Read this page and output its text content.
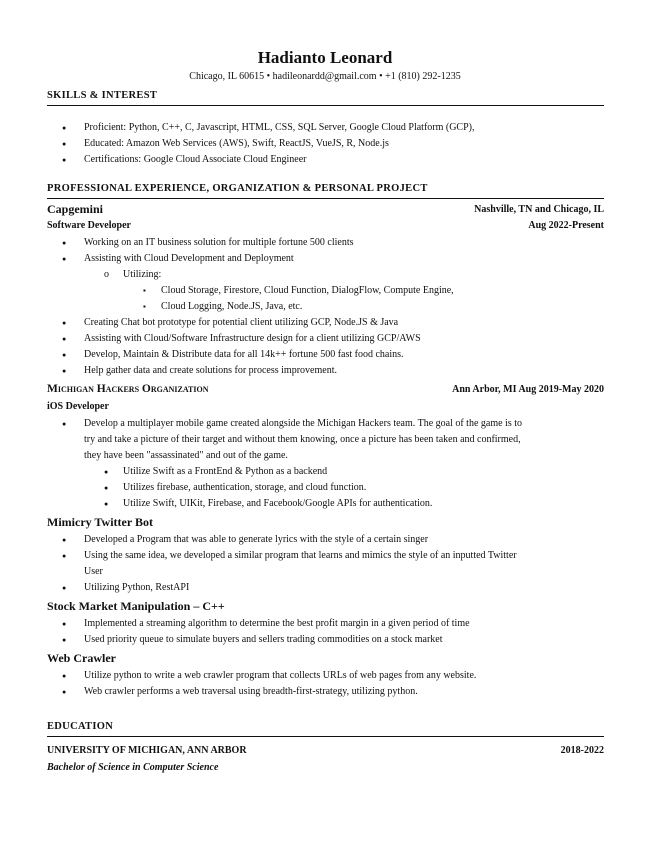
Hadianto Leonard
Chicago, IL 60615 • hadileonardd@gmail.com • +1 (810) 292-1235
SKILLS & INTEREST
● Proficient: Python, C++, C, Javascript, HTML, CSS, SQL Server, Google Cloud Platform (GCP),
● Educated: Amazon Web Services (AWS), Swift, ReactJS, VueJS, R, Node.js
● Certifications: Google Cloud Associate Cloud Engineer
PROFESSIONAL EXPERIENCE, ORGANIZATION & PERSONAL PROJECT
Capgemini	Nashville, TN and Chicago, IL
Software Developer	Aug 2022-Present
● Working on an IT business solution for multiple fortune 500 clients
● Assisting with Cloud Development and Deployment
o Utilizing:
▪ Cloud Storage, Firestore, Cloud Function, DialogFlow, Compute Engine,
▪ Cloud Logging, Node.JS, Java, etc.
● Creating Chat bot prototype for potential client utilizing GCP, Node.JS & Java
● Assisting with Cloud/Software Infrastructure design for a client utilizing GCP/AWS
● Develop, Maintain & Distribute data for all 14k++ fortune 500 fast food chains.
● Help gather data and create solutions for process improvement.
Michigan Hackers Organization	Ann Arbor, MI Aug 2019-May 2020
iOS Developer
● Develop a multiplayer mobile game created alongside the Michigan Hackers team. The goal of the game is to
try and take a picture of their target and without them knowing, once a picture has been taken and confirmed,
they have been "assassinated" and out of the game.
● Utilize Swift as a FrontEnd & Python as a backend
● Utilizes firebase, authentication, storage, and cloud function.
● Utilize Swift, UIKit, Firebase, and Facebook/Google APIs for authentication.
Mimicry Twitter Bot
● Developed a Program that was able to generate lyrics with the style of a certain singer
● Using the same idea, we developed a similar program that learns and mimics the style of an inputted Twitter
User
● Utilizing Python, RestAPI
Stock Market Manipulation – C++
● Implemented a streaming algorithm to determine the best profit margin in a given period of time
● Used priority queue to simulate buyers and sellers trading commodities on a stock market
Web Crawler
● Utilize python to write a web crawler program that collects URLs of web pages from any website.
● Web crawler performs a web traversal using breadth-first-strategy, utilizing python.
EDUCATION
UNIVERSITY OF MICHIGAN, ANN ARBOR	2018-2022
Bachelor of Science in Computer Science
